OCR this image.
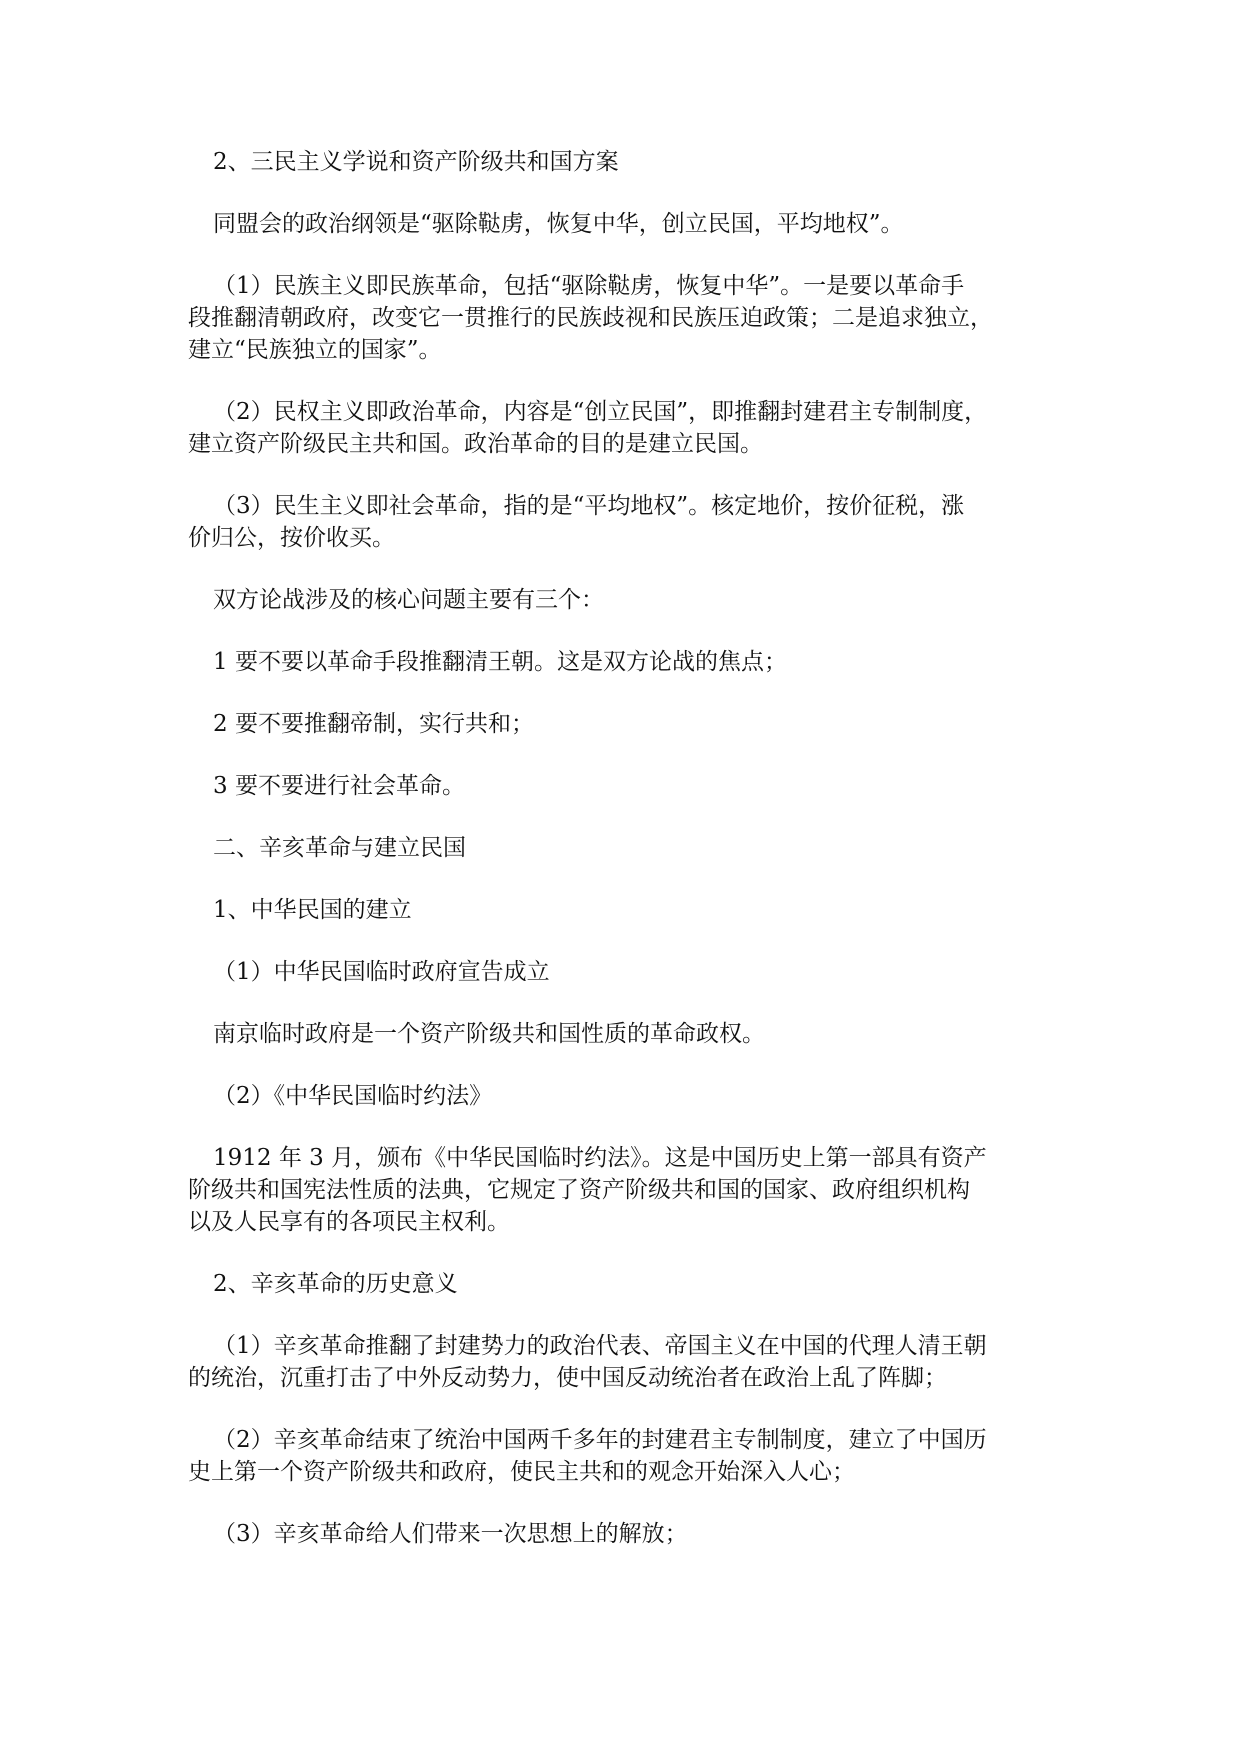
2、三民主义学说和资产阶级共和国方案

同盟会的政治纲领是“驱除鞑虏，恢复中华，创立民国，平均地权”。

（1）民族主义即民族革命，包括“驱除鞑虏，恢复中华”。一是要以革命手
段推翻清朝政府，改变它一贯推行的民族歧视和民族压迫政策；二是追求独立，
建立“民族独立的国家”。

（2）民权主义即政治革命，内容是“创立民国”，即推翻封建君主专制制度，
建立资产阶级民主共和国。政治革命的目的是建立民国。

（3）民生主义即社会革命，指的是“平均地权”。核定地价，按价征税，涨
价归公，按价收买。

双方论战涉及的核心问题主要有三个：

1 要不要以革命手段推翻清王朝。这是双方论战的焦点；

2 要不要推翻帝制，实行共和；

3 要不要进行社会革命。

二、辛亥革命与建立民国

1、中华民国的建立

（1）中华民国临时政府宣告成立

南京临时政府是一个资产阶级共和国性质的革命政权。

（2）《中华民国临时约法》

1912 年 3 月，颁布《中华民国临时约法》。这是中国历史上第一部具有资产
阶级共和国宪法性质的法典，它规定了资产阶级共和国的国家、政府组织机构
以及人民享有的各项民主权利。

2、辛亥革命的历史意义

（1）辛亥革命推翻了封建势力的政治代表、帝国主义在中国的代理人清王朝
的统治，沉重打击了中外反动势力，使中国反动统治者在政治上乱了阵脚；

（2）辛亥革命结束了统治中国两千多年的封建君主专制制度，建立了中国历
史上第一个资产阶级共和政府，使民主共和的观念开始深入人心；

（3）辛亥革命给人们带来一次思想上的解放；
